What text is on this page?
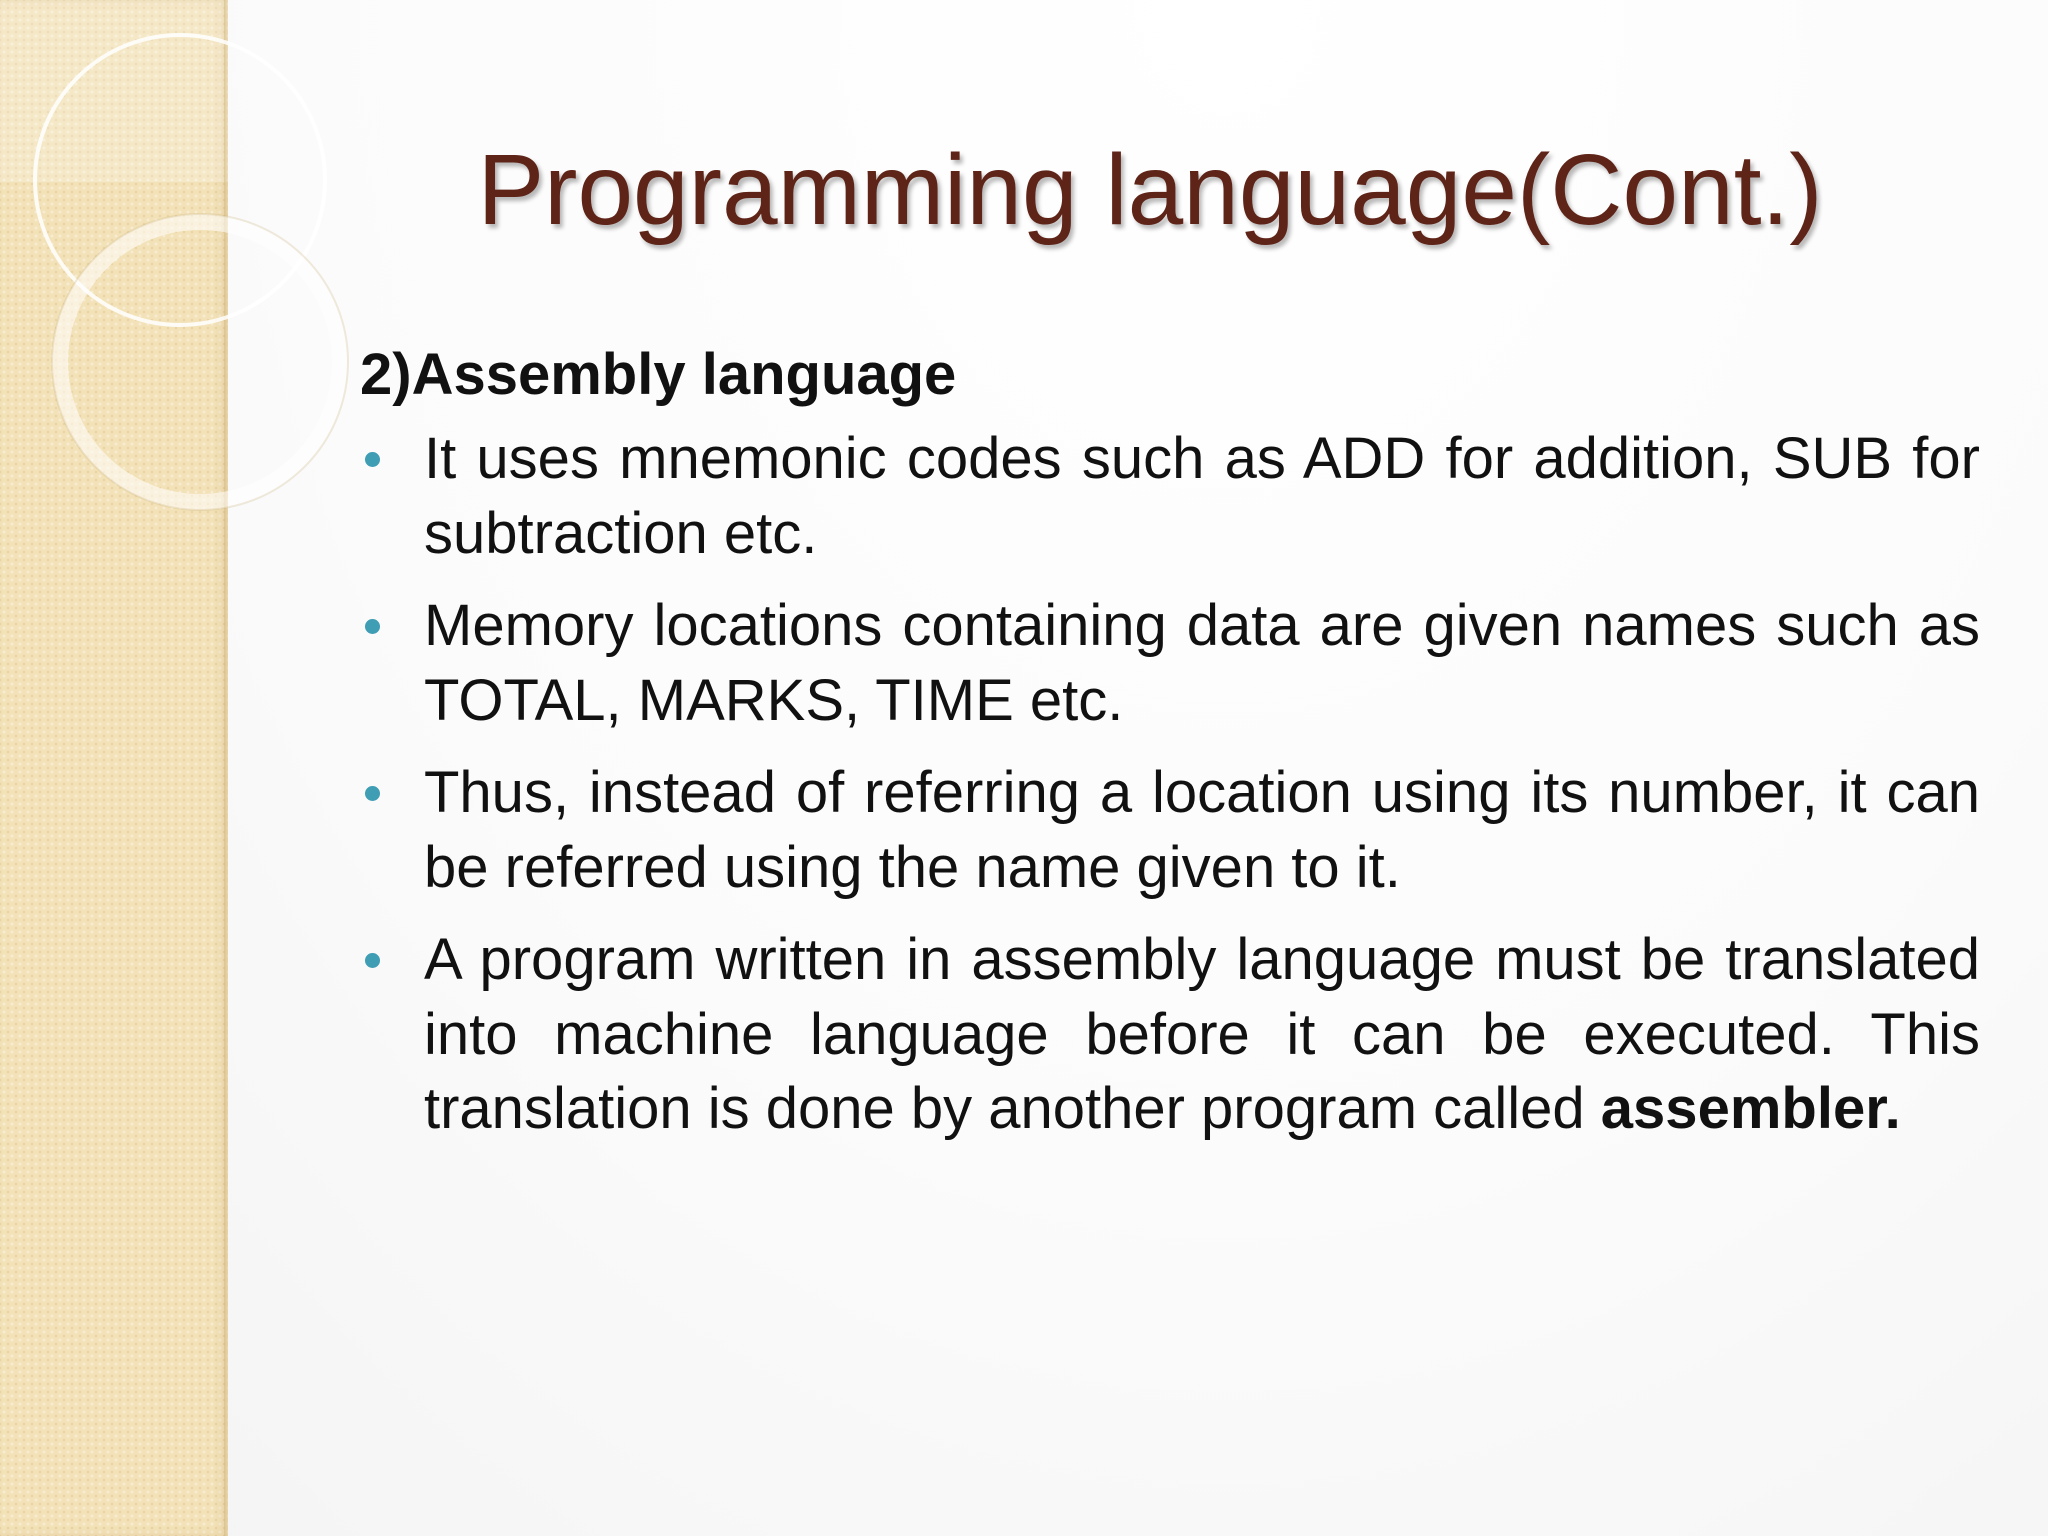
Programming language(Cont.)
2)Assembly language
It uses mnemonic codes such as ADD for addition, SUB for subtraction etc.
Memory locations containing data are given names such as TOTAL, MARKS, TIME etc.
Thus, instead of referring a location using its number, it can be referred using the name given to it.
A program written in assembly language must be translated into machine language before it can be executed. This translation is done by another program called assembler.
